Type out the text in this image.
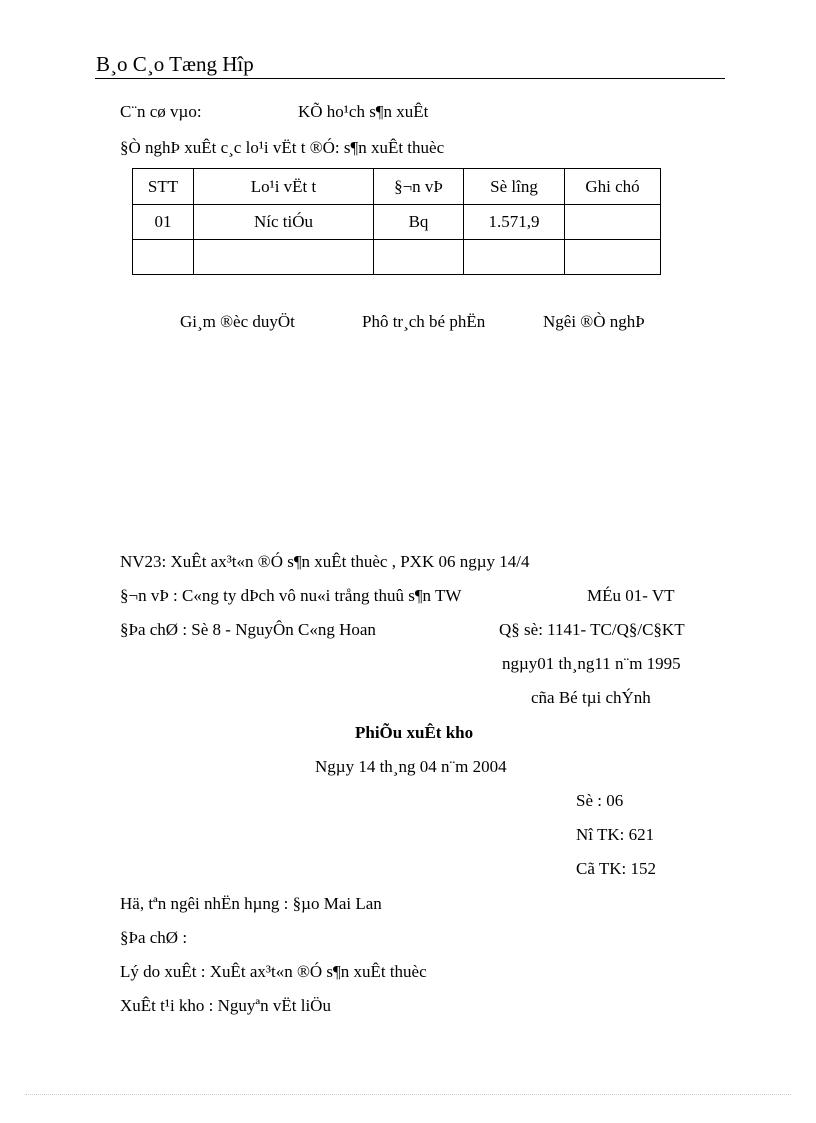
B¸o C¸o Tæng Hîp
C¨n cø vµo:	KÕ ho¹ch s¶n xuÊt
§Ò nghÞ xuÊt c¸c lo¹i vËt t ®Ó: s¶n xuÊt thuèc
STT	Lo¹i vËt t	§¬n vÞ	Sè lîng	Ghi chó
01	Níc tiÓu	Bq	1.571,9	

Gi¸m ®èc duyÖt	Phô tr¸ch bé phËn	Ngêi ®Ò nghÞ
NV23: XuÊt ax³t«n ®Ó s¶n xuÊt thuèc , PXK 06 ngµy 14/4
§¬n vÞ : C«ng ty dÞch vô nu«i trång thuû s¶n TW	MÉu 01- VT
§Þa chØ : Sè 8 - NguyÔn C«ng Hoan	Q§ sè: 1141- TC/Q§/C§KT
ngµy01 th¸ng11 n¨m 1995
cña Bé tµi chÝnh
PhiÕu xuÊt kho
Ngµy 14 th¸ng 04 n¨m 2004
Sè : 06
Nî TK: 621
Cã TK: 152
Hä, tªn ngêi nhËn hµng : §µo Mai Lan
§Þa chØ :
Lý do xuÊt : XuÊt ax³t«n ®Ó s¶n xuÊt thuèc
XuÊt t¹i kho : Nguyªn vËt liÖu
